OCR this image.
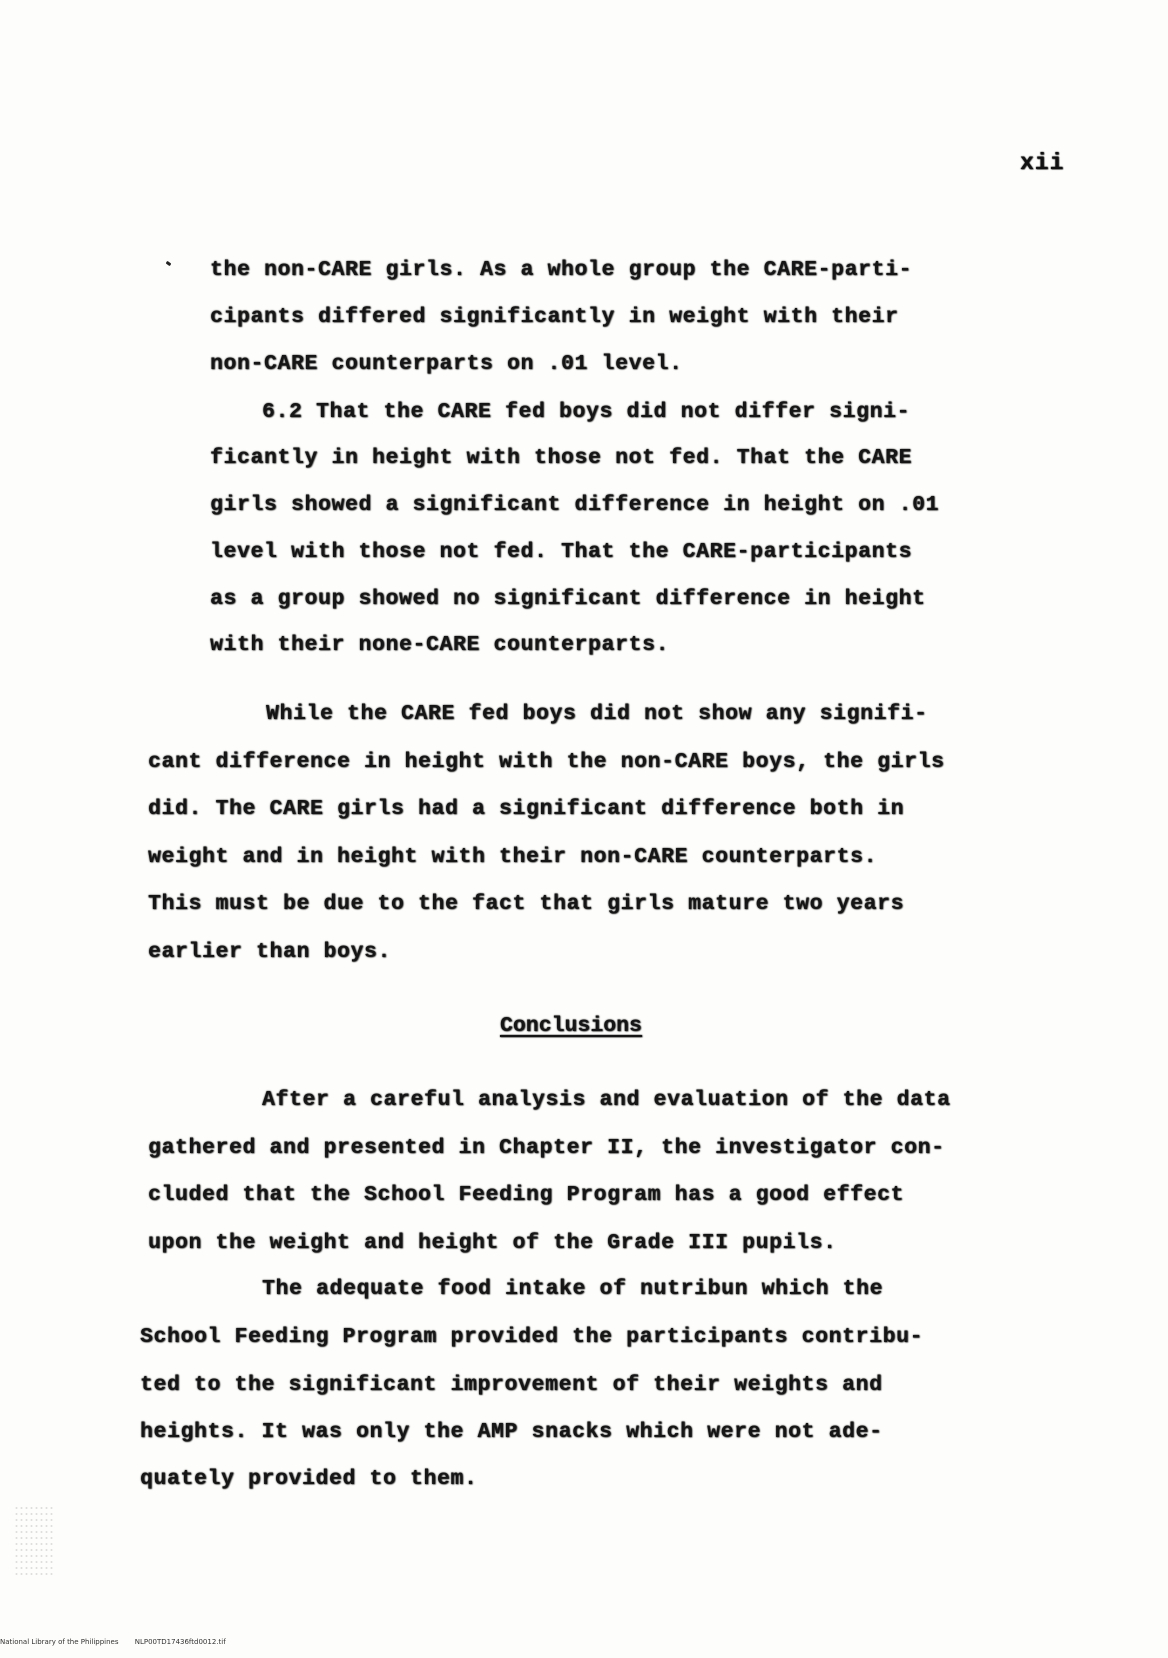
xii
the non-CARE girls. As a whole group the CARE-parti-
cipants differed significantly in weight with their
non-CARE counterparts on .01 level.
6.2 That the CARE fed boys did not differ signi-
ficantly in height with those not fed. That the CARE
girls showed a significant difference in height on .01
level with those not fed. That the CARE-participants
as a group showed no significant difference in height
with their none-CARE counterparts.
While the CARE fed boys did not show any signifi-
cant difference in height with the non-CARE boys, the girls
did. The CARE girls had a significant difference both in
weight and in height with their non-CARE counterparts.
This must be due to the fact that girls mature two years
earlier than boys.
Conclusions
After a careful analysis and evaluation of the data
gathered and presented in Chapter II, the investigator con-
cluded that the School Feeding Program has a good effect
upon the weight and height of the Grade III pupils.
The adequate food intake of nutribun which the
School Feeding Program provided the participants contribu-
ted to the significant improvement of their weights and
heights. It was only the AMP snacks which were not ade-
quately provided to them.
National Library of the Philippines NLP00TD17436ftd0012.tif
